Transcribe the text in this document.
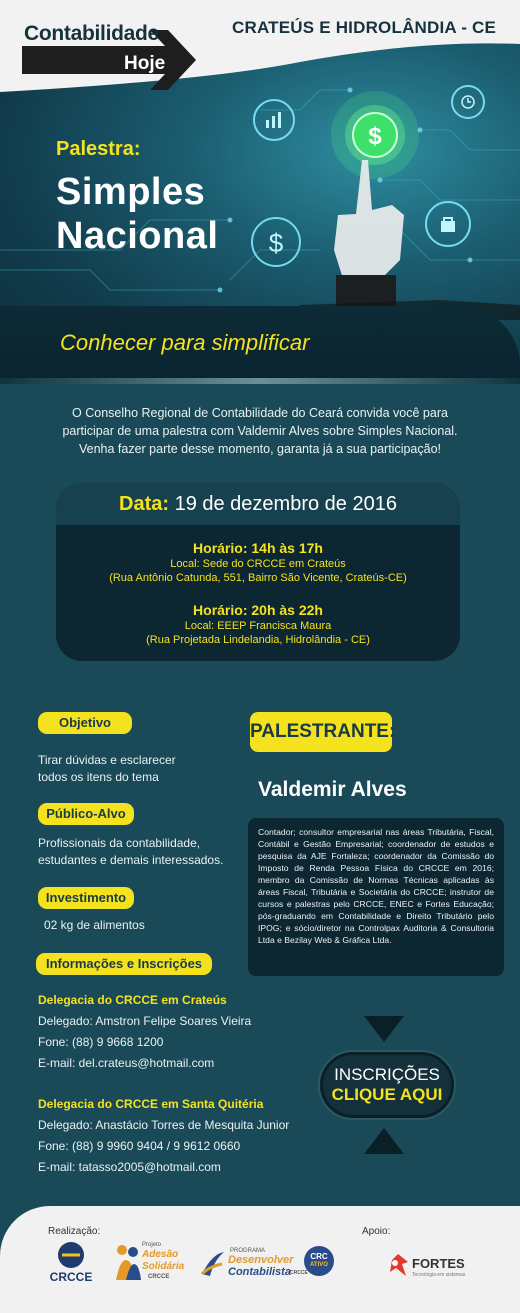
$
$
Contabilidade
Hoje
CRATEÚS E HIDROLÂNDIA - CE
Palestra:
Simples
Nacional
Conhecer para simplificar
O Conselho Regional de Contabilidade do Ceará convida você para participar de uma palestra com Valdemir Alves sobre Simples Nacional. Venha fazer parte desse momento, garanta já a sua participação!
Data: 19 de dezembro de 2016
Horário: 14h às 17h
Local: Sede do CRCCE em Crateús
(Rua Antônio Catunda, 551, Bairro São Vicente, Crateús-CE)
Horário: 20h às 22h
Local: EEEP Francisca Maura
(Rua Projetada Lindelandia, Hidrolândia - CE)
Objetivo
Tirar dúvidas e esclarecer
todos os itens do tema
Público-Alvo
Profissionais da contabilidade,
estudantes e demais interessados.
Investimento
02 kg de alimentos
Informações e Inscrições
Delegacia do CRCCE em Crateús
Delegado: Amstron Felipe Soares Vieira
Fone: (88) 9 9668 1200
E-mail: del.crateus@hotmail.com
Delegacia do CRCCE em Santa Quitéria
Delegado: Anastácio Torres de Mesquita Junior
Fone: (88) 9 9960 9404 / 9 9612 0660
E-mail: tatasso2005@hotmail.com
PALESTRANTE:
Valdemir Alves
Contador; consultor empresarial nas áreas Tributária, Fiscal, Contábil e Gestão Empresarial; coordenador de estudos e pesquisa da AJE Fortaleza; coordenador da Comissão do Imposto de Renda Pessoa Física do CRCCE em 2016; membro da Comissão de Normas Técnicas aplicadas às áreas Fiscal, Tributária e Societária do CRCCE; instrutor de cursos e palestras pelo CRCCE, ENEC e Fortes Educação; pós-graduando em Contabilidade e Direito Tributário pelo IPOG; e sócio/diretor na Controlpax Auditoria & Consultoria Ltda e Bezilay Web & Gráfica Ltda.
INSCRIÇÕES
CLIQUE AQUI
Realização:	Apoio:
CRCCE
Projeto
Adesão
Solidária
CRCCE
PROGRAMA
Desenvolver
Contabilista CRCCE
CRC
ATIVO	FORTES
Tecnologia em sistemas
